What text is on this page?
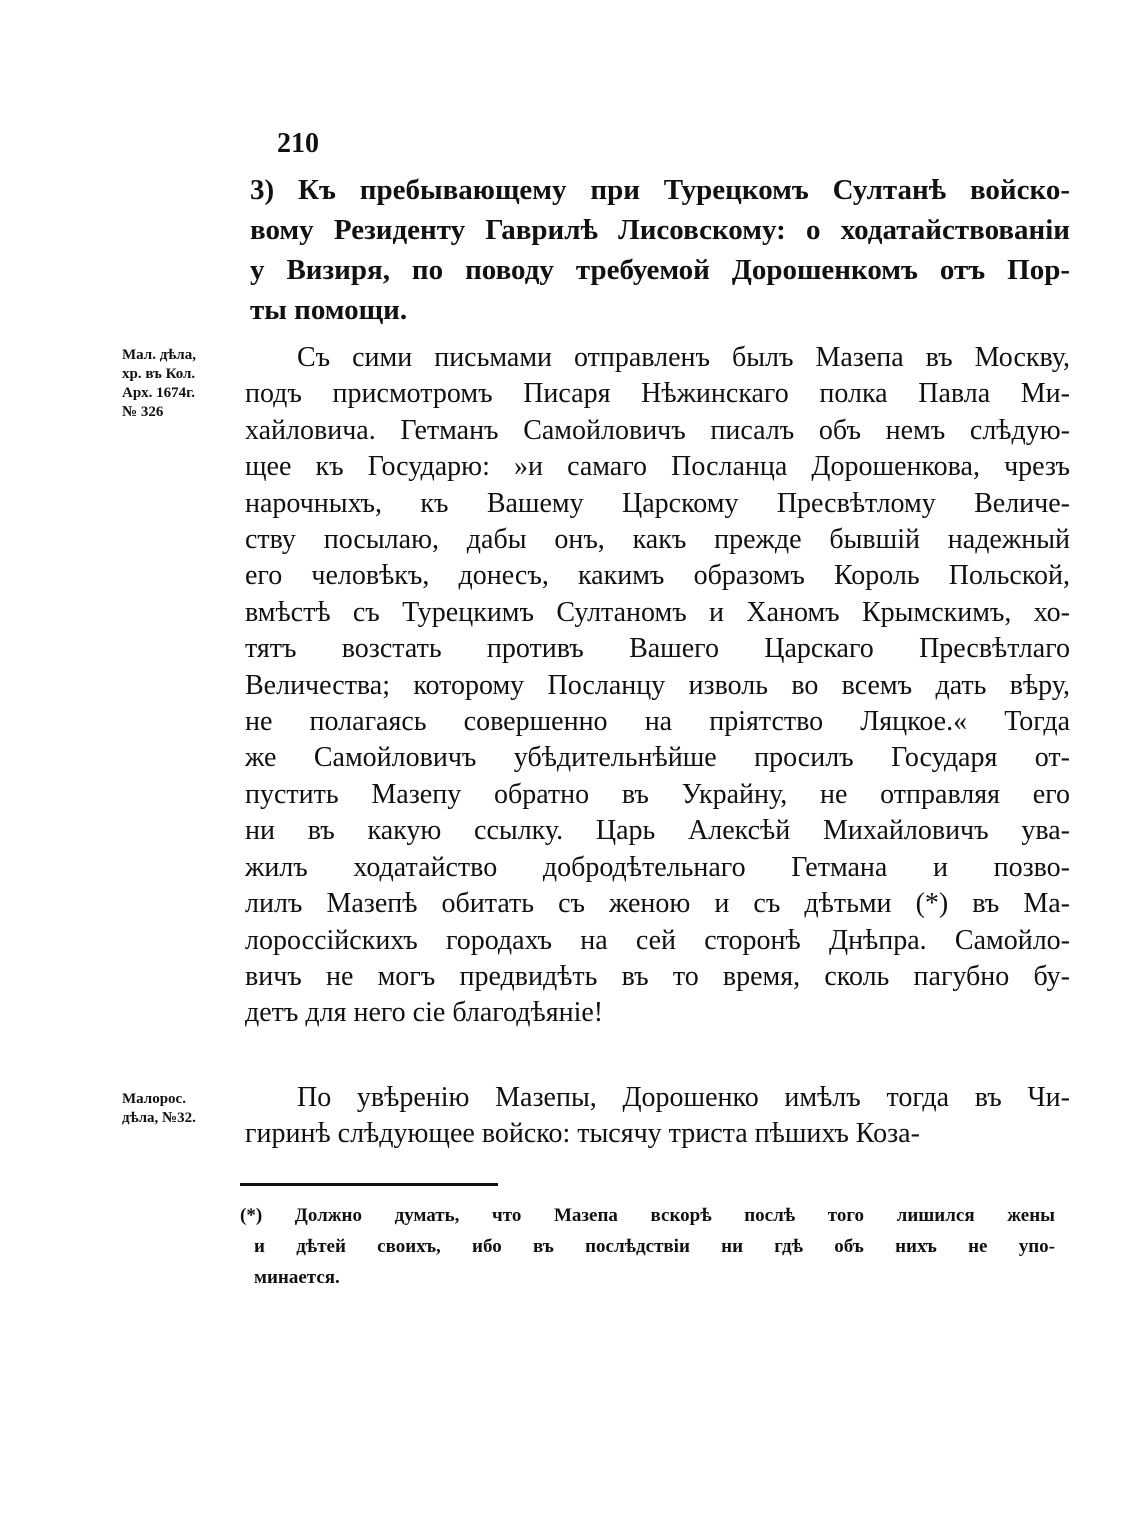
210
3) Къ пребывающему при Турецкомъ Султанѣ войско-
вому Резиденту Гаврилѣ Лисовскому: о ходатайствованіи
у Визиря, по поводу требуемой Дорошенкомъ отъ Пор-
ты помощи.
Мал. дѣла,
хр. въ Кол.
Арх. 1674г.
№ 326
Съ сими письмами отправленъ былъ Мазепа въ Москву,
подъ присмотромъ Писаря Нѣжинскаго полка Павла Ми-
хайловича. Гетманъ Самойловичъ писалъ объ немъ слѣдую-
щее къ Государю: »и самаго Посланца Дорошенкова, чрезъ
нарочныхъ, къ Вашему Царскому Пресвѣтлому Величе-
ству посылаю, дабы онъ, какъ прежде бывшій надежный
его человѣкъ, донесъ, какимъ образомъ Король Польской,
вмѣстѣ съ Турецкимъ Султаномъ и Ханомъ Крымскимъ, хо-
тятъ возстать противъ Вашего Царскаго Пресвѣтлаго
Величества; которому Посланцу изволь во всемъ дать вѣру,
не полагаясь совершенно на пріятство Ляцкое.« Тогда
же Самойловичъ убѣдительнѣйше просилъ Государя от-
пустить Мазепу обратно въ Украйну, не отправляя его
ни въ какую ссылку. Царь Алексѣй Михайловичъ ува-
жилъ ходатайство добродѣтельнаго Гетмана и позво-
лилъ Мазепѣ обитать съ женою и съ дѣтьми (*) въ Ма-
лороссійскихъ городахъ на сей сторонѣ Днѣпра. Самойло-
вичъ не могъ предвидѣть въ то время, сколь пагубно бу-
детъ для него сіе благодѣяніе!
Малорос.
дѣла, №32.
По увѣренію Мазепы, Дорошенко имѣлъ тогда въ Чи-
гиринѣ слѣдующее войско: тысячу триста пѣшихъ Коза-
(*) Должно думать, что Мазепа вскорѣ послѣ того лишился жены
и дѣтей своихъ, ибо въ послѣдствіи ни гдѣ объ нихъ не упо-
минается.
